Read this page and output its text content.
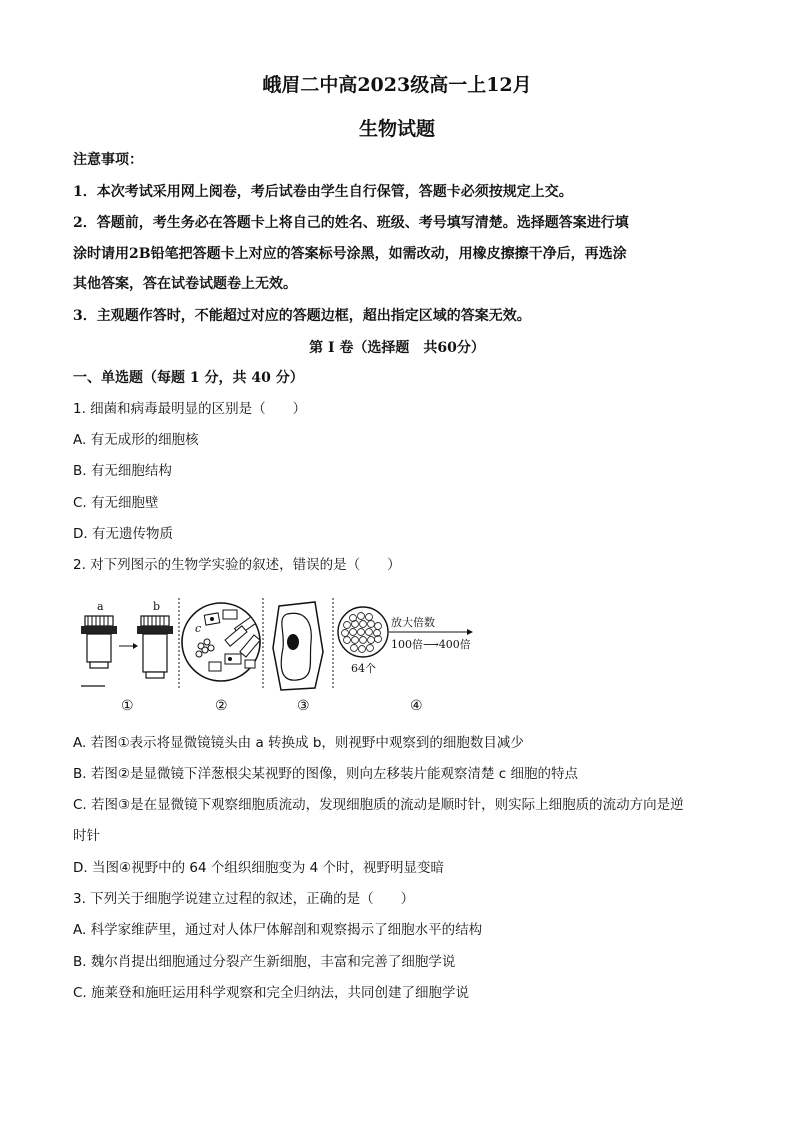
峨眉二中高2023级高一上12月
生物试题
注意事项：
1．本次考试采用网上阅卷，考后试卷由学生自行保管，答题卡必须按规定上交。
2．答题前，考生务必在答题卡上将自己的姓名、班级、考号填写清楚。选择题答案进行填
涂时请用2B铅笔把答题卡上对应的答案标号涂黑，如需改动，用橡皮擦擦干净后，再选涂
其他答案，答在试卷试题卷上无效。
3．主观题作答时，不能超过对应的答题边框，超出指定区域的答案无效。
第 I 卷（选择题　共60分）
一、单选题（每题 1 分，共 40 分）
1. 细菌和病毒最明显的区别是（　　）
A. 有无成形的细胞核
B. 有无细胞结构
C. 有无细胞壁
D. 有无遗传物质
2. 对下列图示的生物学实验的叙述，错误的是（　　）
a	b
c	放大倍数
100倍⟶400倍
64个
①	②	③	④
A. 若图①表示将显微镜镜头由 a 转换成 b，则视野中观察到的细胞数目减少
B. 若图②是显微镜下洋葱根尖某视野的图像，则向左移装片能观察清楚 c 细胞的特点
C. 若图③是在显微镜下观察细胞质流动，发现细胞质的流动是顺时针，则实际上细胞质的流动方向是逆
时针
D. 当图④视野中的 64 个组织细胞变为 4 个时，视野明显变暗
3. 下列关于细胞学说建立过程的叙述，正确的是（　　）
A. 科学家维萨里，通过对人体尸体解剖和观察揭示了细胞水平的结构
B. 魏尔肖提出细胞通过分裂产生新细胞，丰富和完善了细胞学说
C. 施莱登和施旺运用科学观察和完全归纳法，共同创建了细胞学说
